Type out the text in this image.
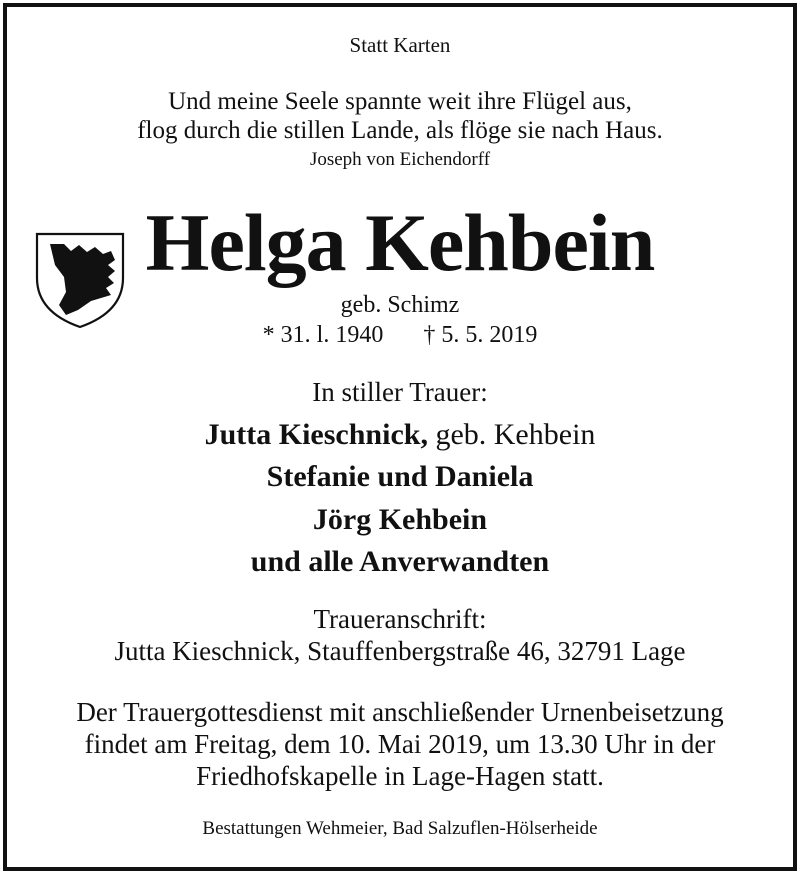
Statt Karten
Und meine Seele spannte weit ihre Flügel aus,
flog durch die stillen Lande, als flöge sie nach Haus.
Joseph von Eichendorff
Helga Kehbein
geb. Schimz
* 31. l. 1940 † 5. 5. 2019
In stiller Trauer:
Jutta Kieschnick, geb. Kehbein
Stefanie und Daniela
Jörg Kehbein
und alle Anverwandten
Traueranschrift:
Jutta Kieschnick, Stauffenbergstraße 46, 32791 Lage
Der Trauergottesdienst mit anschließender Urnenbeisetzung
findet am Freitag, dem 10. Mai 2019, um 13.30 Uhr in der
Friedhofskapelle in Lage-Hagen statt.
Bestattungen Wehmeier, Bad Salzuflen-Hölserheide
